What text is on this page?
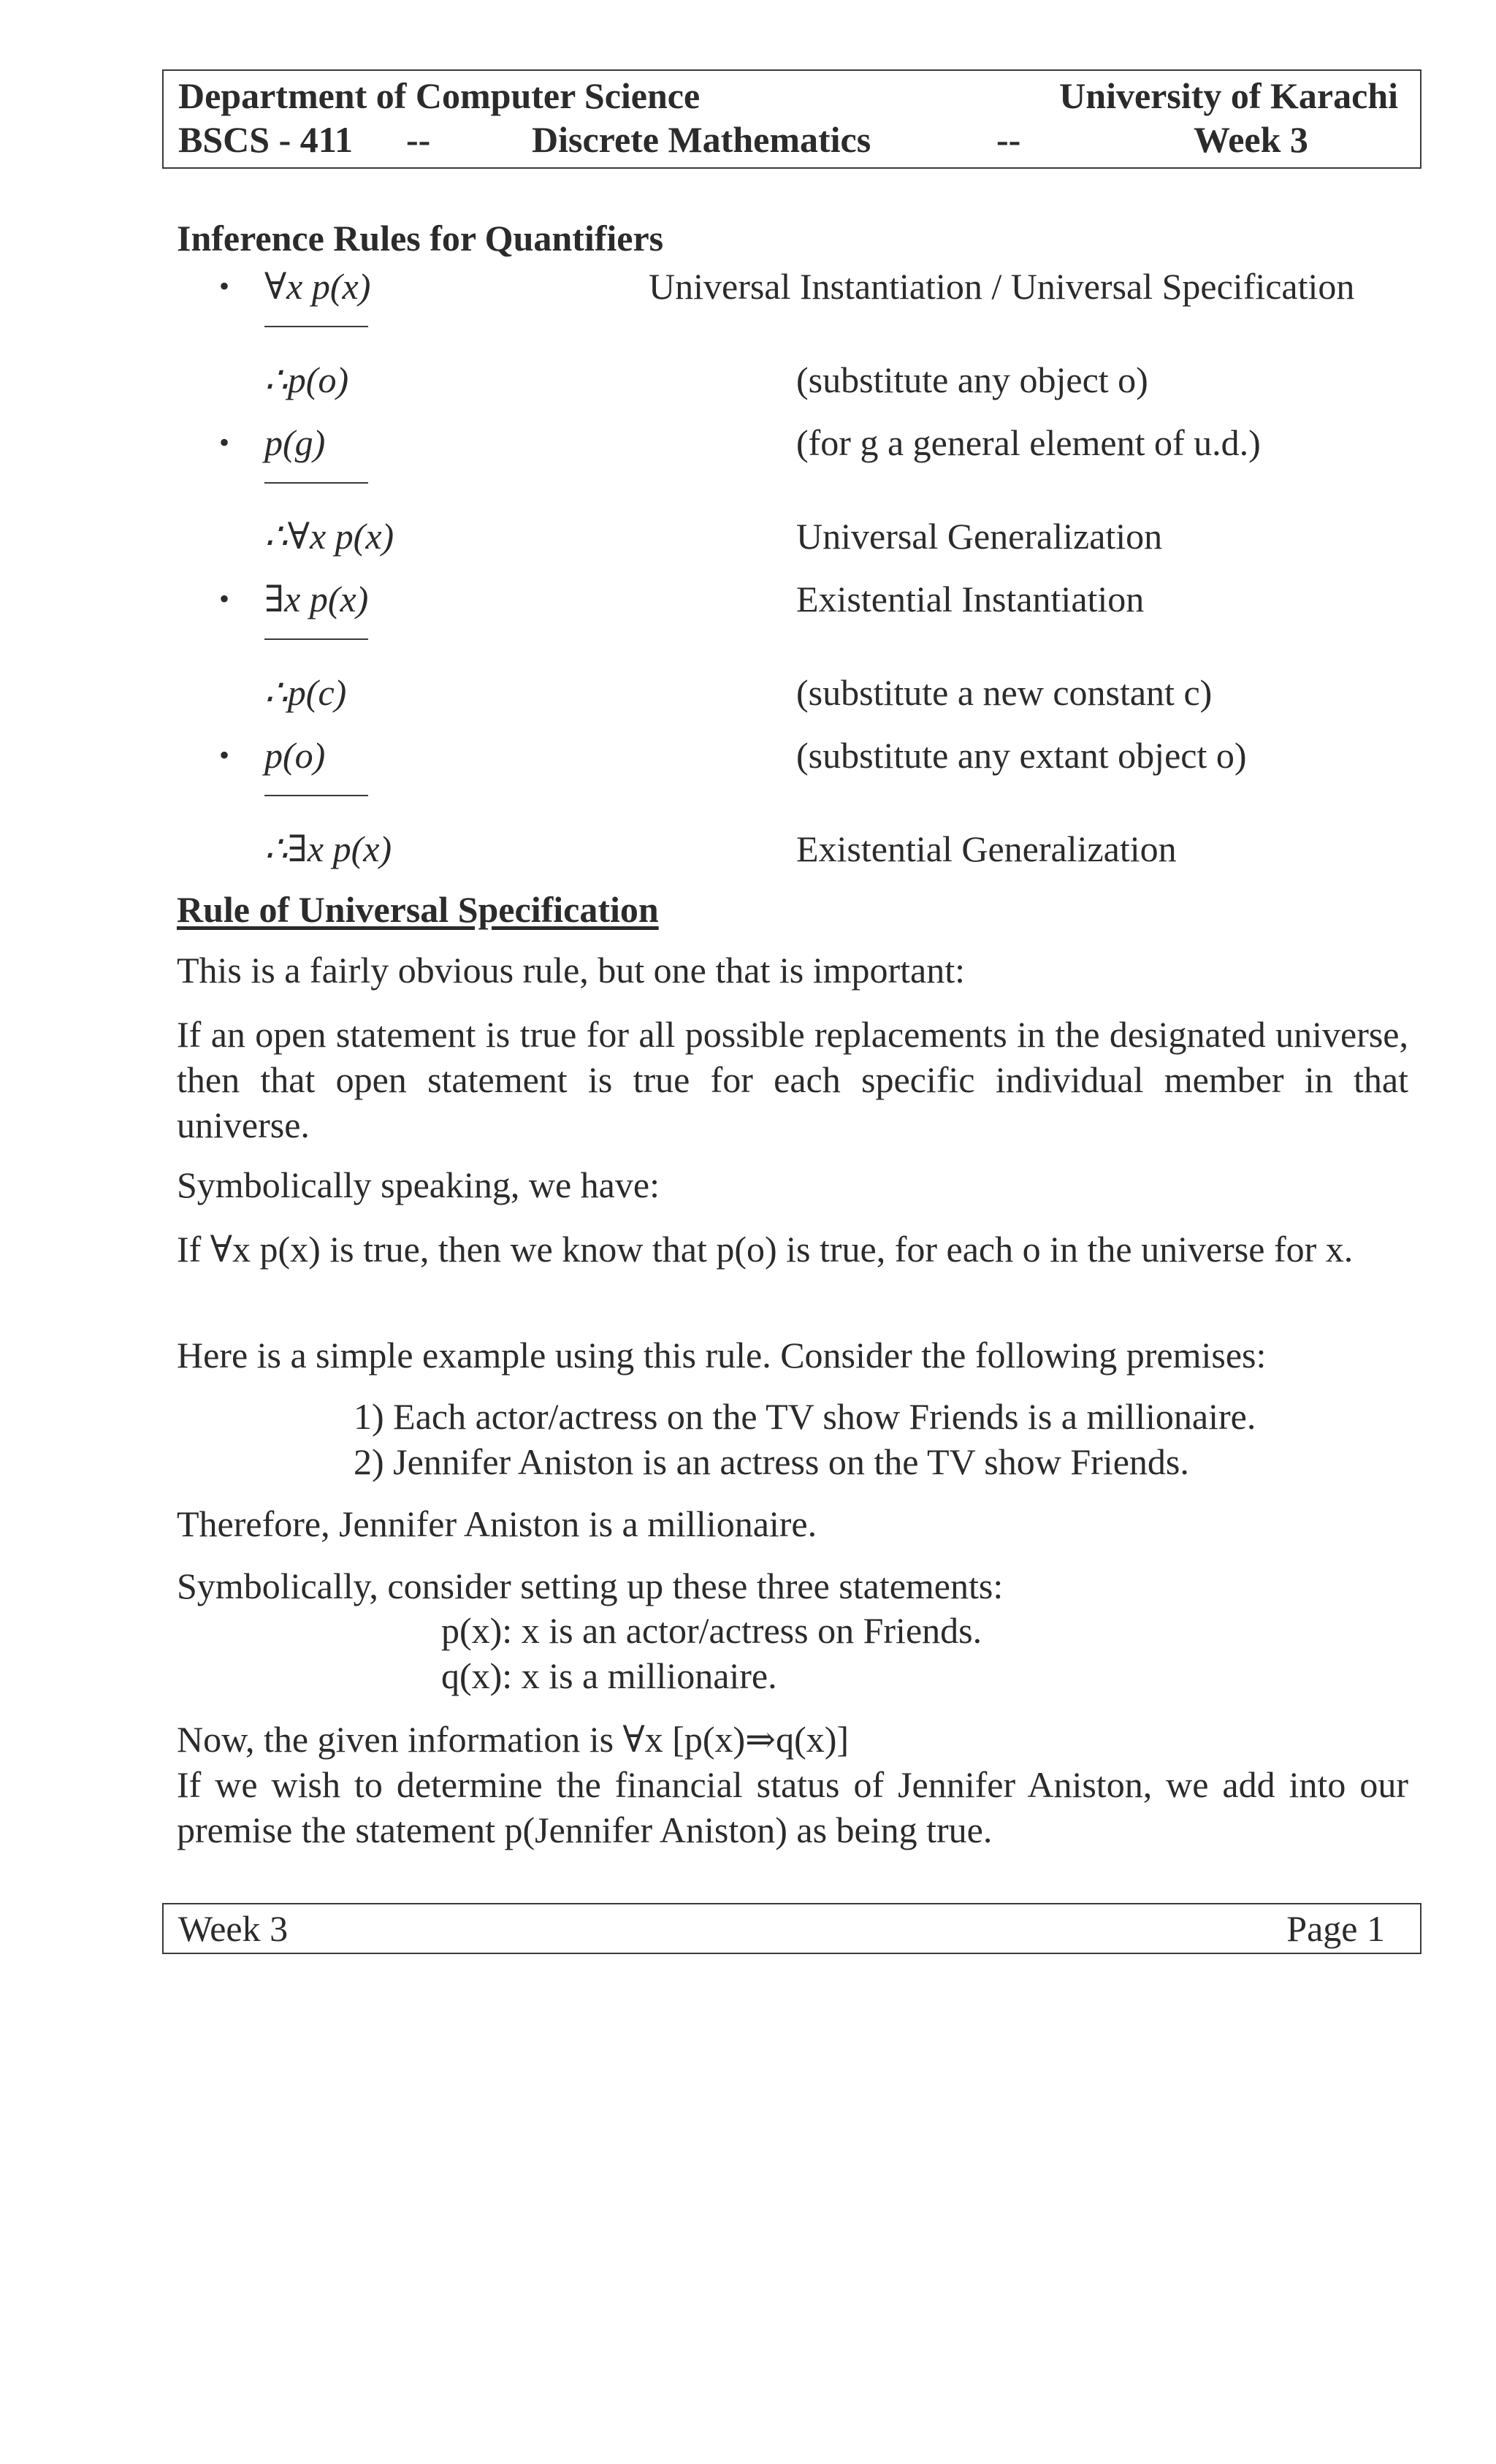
Department of Computer Science	University of Karachi
BSCS - 411 --	Discrete Mathematics	--	Week 3
Inference Rules for Quantifiers
• ∀x p(x)	Universal Instantiation / Universal Specification
∴p(o)	(substitute any object o)
• p(g)	(for g a general element of u.d.)
∴∀x p(x)	Universal Generalization
• ∃x p(x)	Existential Instantiation
∴p(c)	(substitute a new constant c)
• p(o)	(substitute any extant object o)
∴∃x p(x)	Existential Generalization
Rule of Universal Specification
This is a fairly obvious rule, but one that is important:
If an open statement is true for all possible replacements in the designated universe, then that open statement is true for each specific individual member in that universe.
Symbolically speaking, we have:
If ∀x p(x) is true, then we know that p(o) is true, for each o in the universe for x.
Here is a simple example using this rule. Consider the following premises:
1) Each actor/actress on the TV show Friends is a millionaire.
2) Jennifer Aniston is an actress on the TV show Friends.
Therefore, Jennifer Aniston is a millionaire.
Symbolically, consider setting up these three statements:
p(x): x is an actor/actress on Friends.
q(x): x is a millionaire.
Now, the given information is ∀x [p(x)⇒q(x)]
If we wish to determine the financial status of Jennifer Aniston, we add into our premise the statement p(Jennifer Aniston) as being true.
Week 3	Page 1
